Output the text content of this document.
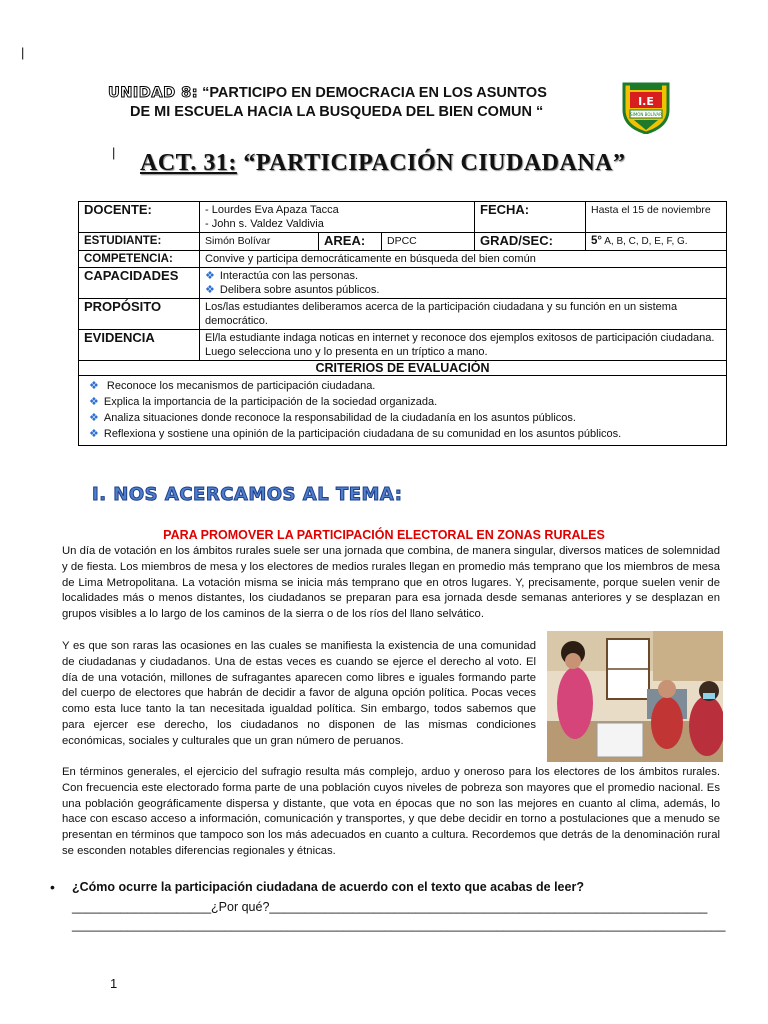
|
UNIDAD 8: “PARTICIPO EN DEMOCRACIA EN LOS ASUNTOS
DE MI ESCUELA HACIA LA BUSQUEDA DEL BIEN COMUN “
I.E
SIMÓN BOLÍVAR
| ACT. 31: “PARTICIPACIÓN CIUDADANA”
DOCENTE:	- Lourdes Eva Apaza Tacca
- John s. Valdez Valdivia			FECHA:	Hasta el 15 de noviembre
ESTUDIANTE:	Simón Bolívar	AREA:	DPCC	GRAD/SEC:	5° A, B, C, D, E, F, G.
COMPETENCIA:	Convive y participa democráticamente en búsqueda del bien común				
CAPACIDADES	❖ Interactúa con las personas.
❖ Delibera sobre asuntos públicos.				

PROPÓSITO	Los/las estudiantes deliberamos acerca de la participación ciudadana y su función en un sistema democrático.				
EVIDENCIA	El/la estudiante indaga noticas en internet y reconoce dos ejemplos exitosos de participación ciudadana. Luego selecciona uno y lo presenta en un tríptico a mano.				
CRITERIOS DE EVALUACIÓN					

❖ Reconoce los mecanismos de participación ciudadana.
❖ Explica la importancia de la participación de la sociedad organizada.
❖ Analiza situaciones donde reconoce la responsabilidad de la ciudadanía en los asuntos públicos.
❖ Reflexiona y sostiene una opinión de la participación ciudadana de su comunidad en los asuntos públicos.					
I. NOS ACERCAMOS AL TEMA:
PARA PROMOVER LA PARTICIPACIÓN ELECTORAL EN ZONAS RURALES
Un día de votación en los ámbitos rurales suele ser una jornada que combina, de manera singular, diversos matices de solemnidad y de fiesta. Los miembros de mesa y los electores de medios rurales llegan en promedio más temprano que los miembros de mesa de Lima Metropolitana. La votación misma se inicia más temprano que en otros lugares. Y, precisamente, porque suelen venir de localidades más o menos distantes, los ciudadanos se preparan para esa jornada desde semanas anteriores y se desplazan en grupos visibles a lo largo de los caminos de la sierra o de los ríos del llano selvático.
Y es que son raras las ocasiones en las cuales se manifiesta la existencia de una comunidad de ciudadanas y ciudadanos. Una de estas veces es cuando se ejerce el derecho al voto. El día de una votación, millones de sufragantes aparecen como libres e iguales formando parte del cuerpo de electores que habrán de decidir a favor de alguna opción política. Pocas veces como esta luce tanto la tan necesitada igualdad política. Sin embargo, todos sabemos que para ejercer ese derecho, los ciudadanos no disponen de las mismas condiciones económicas, sociales y culturales que un gran número de peruanos.
En términos generales, el ejercicio del sufragio resulta más complejo, arduo y oneroso para los electores de los ámbitos rurales. Con frecuencia este electorado forma parte de una población cuyos niveles de pobreza son mayores que el promedio nacional. Es una población geográficamente dispersa y distante, que vota en épocas que no son las mejores en cuanto al clima, además, lo hace con escaso acceso a información, comunicación y transportes, y que debe decidir en torno a postulaciones que a menudo se presentan en términos que tampoco son los más adecuados en cuanto a cultura. Recordemos que detrás de la denominación rural se esconden notables diferencias regionales y étnicas.
• ¿Cómo ocurre la participación ciudadana de acuerdo con el texto que acabas de leer?
____________________¿Por qué?_______________________________________________________________
______________________________________________________________________________________________
1
